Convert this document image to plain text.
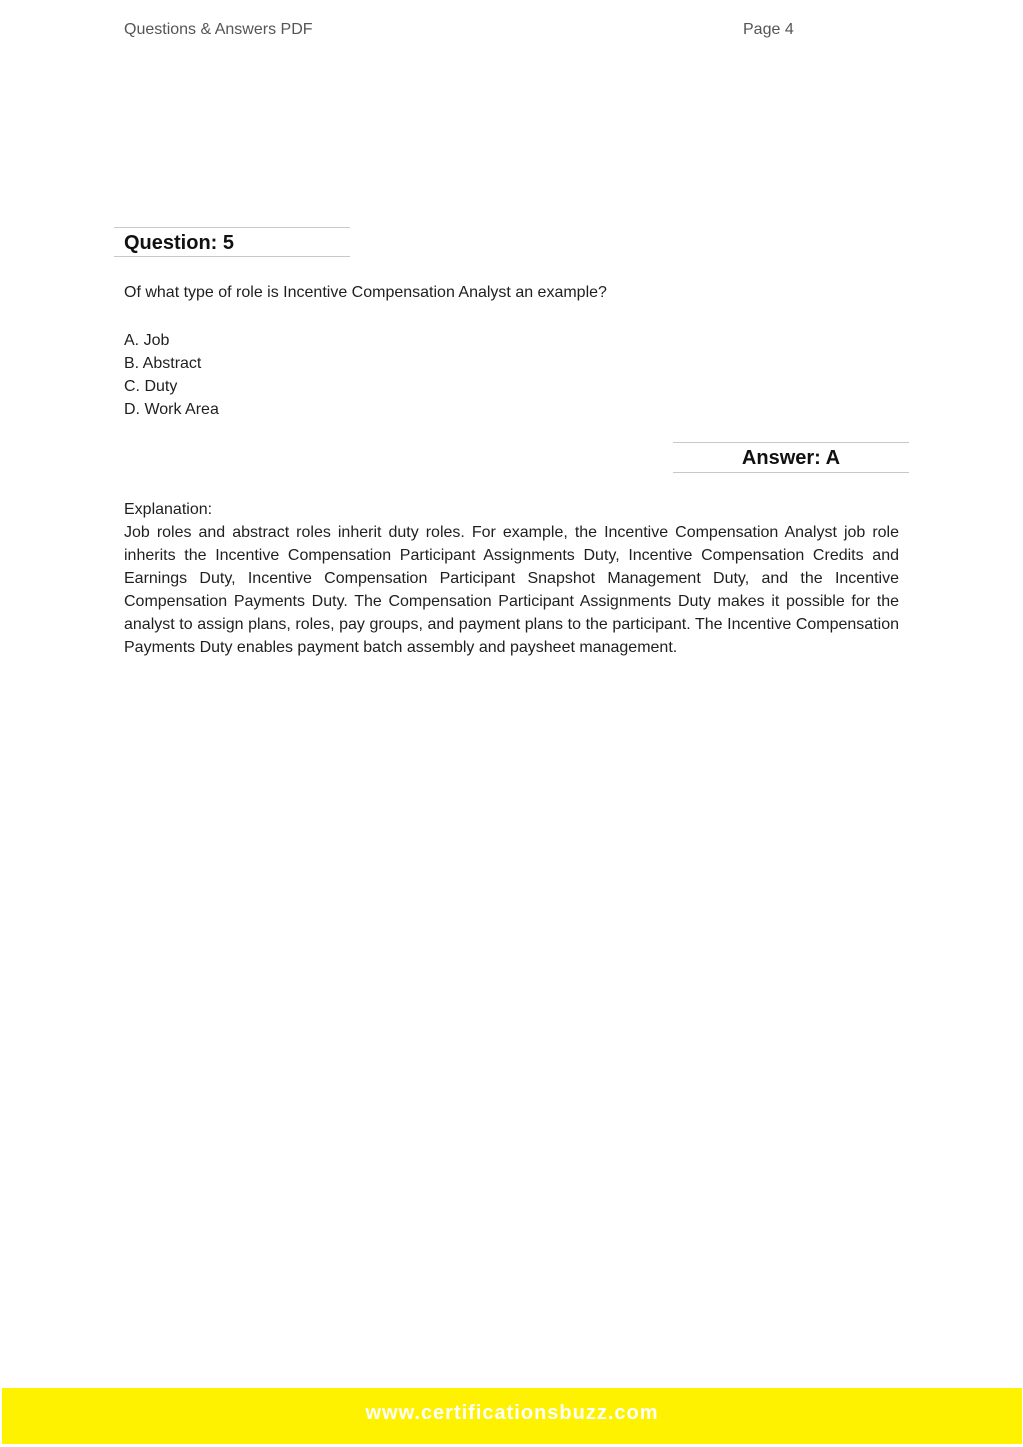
Questions & Answers PDF	Page 4
Question: 5
Of what type of role is Incentive Compensation Analyst an example?
A. Job
B. Abstract
C. Duty
D. Work Area
Answer: A
Explanation:
Job roles and abstract roles inherit duty roles. For example, the Incentive Compensation Analyst job role inherits the Incentive Compensation Participant Assignments Duty, Incentive Compensation Credits and Earnings Duty, Incentive Compensation Participant Snapshot Management Duty, and the Incentive Compensation Payments Duty. The Compensation Participant Assignments Duty makes it possible for the analyst to assign plans, roles, pay groups, and payment plans to the participant. The Incentive Compensation Payments Duty enables payment batch assembly and paysheet management.
www.certificationsbuzz.com
